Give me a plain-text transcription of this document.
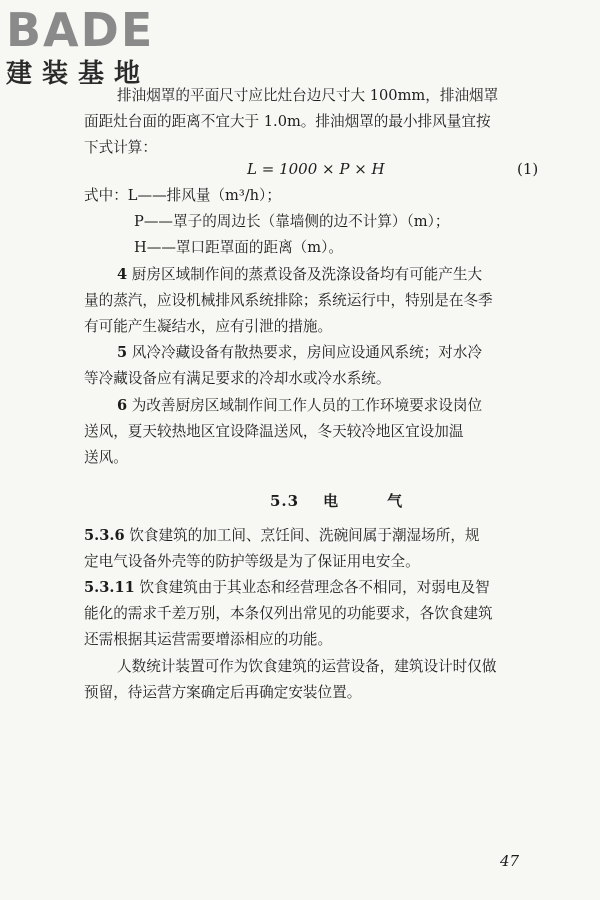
BADE
建装基地
排油烟罩的平面尺寸应比灶台边尺寸大 100mm，排油烟罩
面距灶台面的距离不宜大于 1.0m。排油烟罩的最小排风量宜按
下式计算：
L = 1000 × P × H	(1)
式中：L——排风量（m³/h）；
P——罩子的周边长（靠墙侧的边不计算）（m）；
H——罩口距罩面的距离（m）。
4 厨房区域制作间的蒸煮设备及洗涤设备均有可能产生大
量的蒸汽，应设机械排风系统排除；系统运行中，特别是在冬季
有可能产生凝结水，应有引泄的措施。
5 风冷冷藏设备有散热要求，房间应设通风系统；对水冷
等冷藏设备应有满足要求的冷却水或冷水系统。
6 为改善厨房区域制作间工作人员的工作环境要求设岗位
送风，夏天较热地区宜设降温送风，冬天较冷地区宜设加温
送风。
5.3 电	气
5.3.6 饮食建筑的加工间、烹饪间、洗碗间属于潮湿场所，规
定电气设备外壳等的防护等级是为了保证用电安全。
5.3.11 饮食建筑由于其业态和经营理念各不相同，对弱电及智
能化的需求千差万别，本条仅列出常见的功能要求，各饮食建筑
还需根据其运营需要增添相应的功能。
人数统计装置可作为饮食建筑的运营设备，建筑设计时仅做
预留，待运营方案确定后再确定安装位置。
47
